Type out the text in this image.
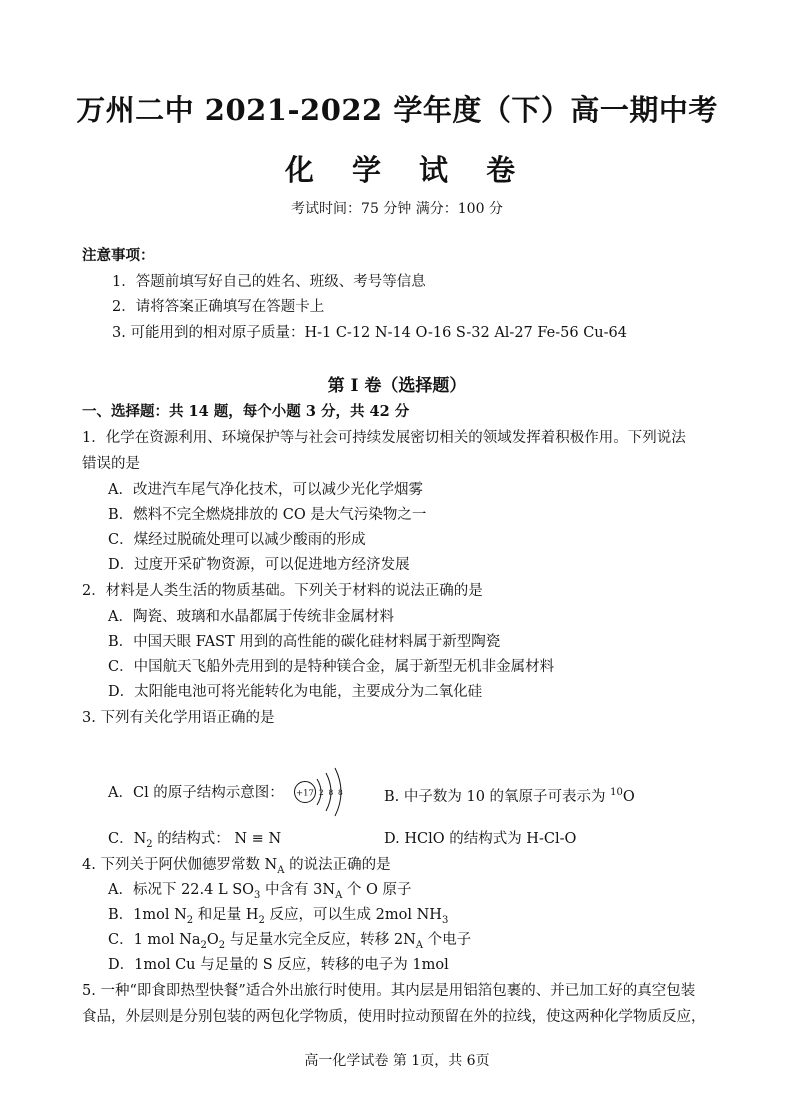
万州二中 2021-2022 学年度（下）高一期中考
化 学 试 卷
考试时间：75 分钟 满分：100 分
注意事项：
1．答题前填写好自己的姓名、班级、考号等信息
2．请将答案正确填写在答题卡上
3. 可能用到的相对原子质量：H-1 C-12 N-14 O-16 S-32 Al-27 Fe-56 Cu-64
第 I 卷（选择题）
一、选择题：共 14 题，每个小题 3 分，共 42 分
1．化学在资源利用、环境保护等与社会可持续发展密切相关的领域发挥着积极作用。下列说法
错误的是
A．改进汽车尾气净化技术，可以减少光化学烟雾
B．燃料不完全燃烧排放的 CO 是大气污染物之一
C．煤经过脱硫处理可以减少酸雨的形成
D．过度开采矿物资源，可以促进地方经济发展
2．材料是人类生活的物质基础。下列关于材料的说法正确的是
A．陶瓷、玻璃和水晶都属于传统非金属材料
B．中国天眼 FAST 用到的高性能的碳化硅材料属于新型陶瓷
C．中国航天飞船外壳用到的是特种镁合金，属于新型无机非金属材料
D．太阳能电池可将光能转化为电能，主要成分为二氧化硅
3. 下列有关化学用语正确的是
A．Cl 的原子结构示意图： +17 2 8 8	B. 中子数为 10 的氧原子可表示为 $^{10}$O
C．$N_2$ 的结构式： N ≡ N	D. HClO 的结构式为 H-Cl-O
4. 下列关于阿伏伽德罗常数 $N_A$ 的说法正确的是
A．标况下 22.4 L $SO_3$ 中含有 $3N_A$ 个 O 原子
B．1mol $N_2$ 和足量 $H_2$ 反应，可以生成 2mol $NH_3$
C．1 mol $Na_2O_2$ 与足量水完全反应，转移 $2N_A$ 个电子
D．1mol Cu 与足量的 S 反应，转移的电子为 1mol
5. 一种“即食即热型快餐”适合外出旅行时使用。其内层是用铝箔包裹的、并已加工好的真空包装
食品，外层则是分别包装的两包化学物质，使用时拉动预留在外的拉线，使这两种化学物质反应，
高一化学试卷 第 1页，共 6页
